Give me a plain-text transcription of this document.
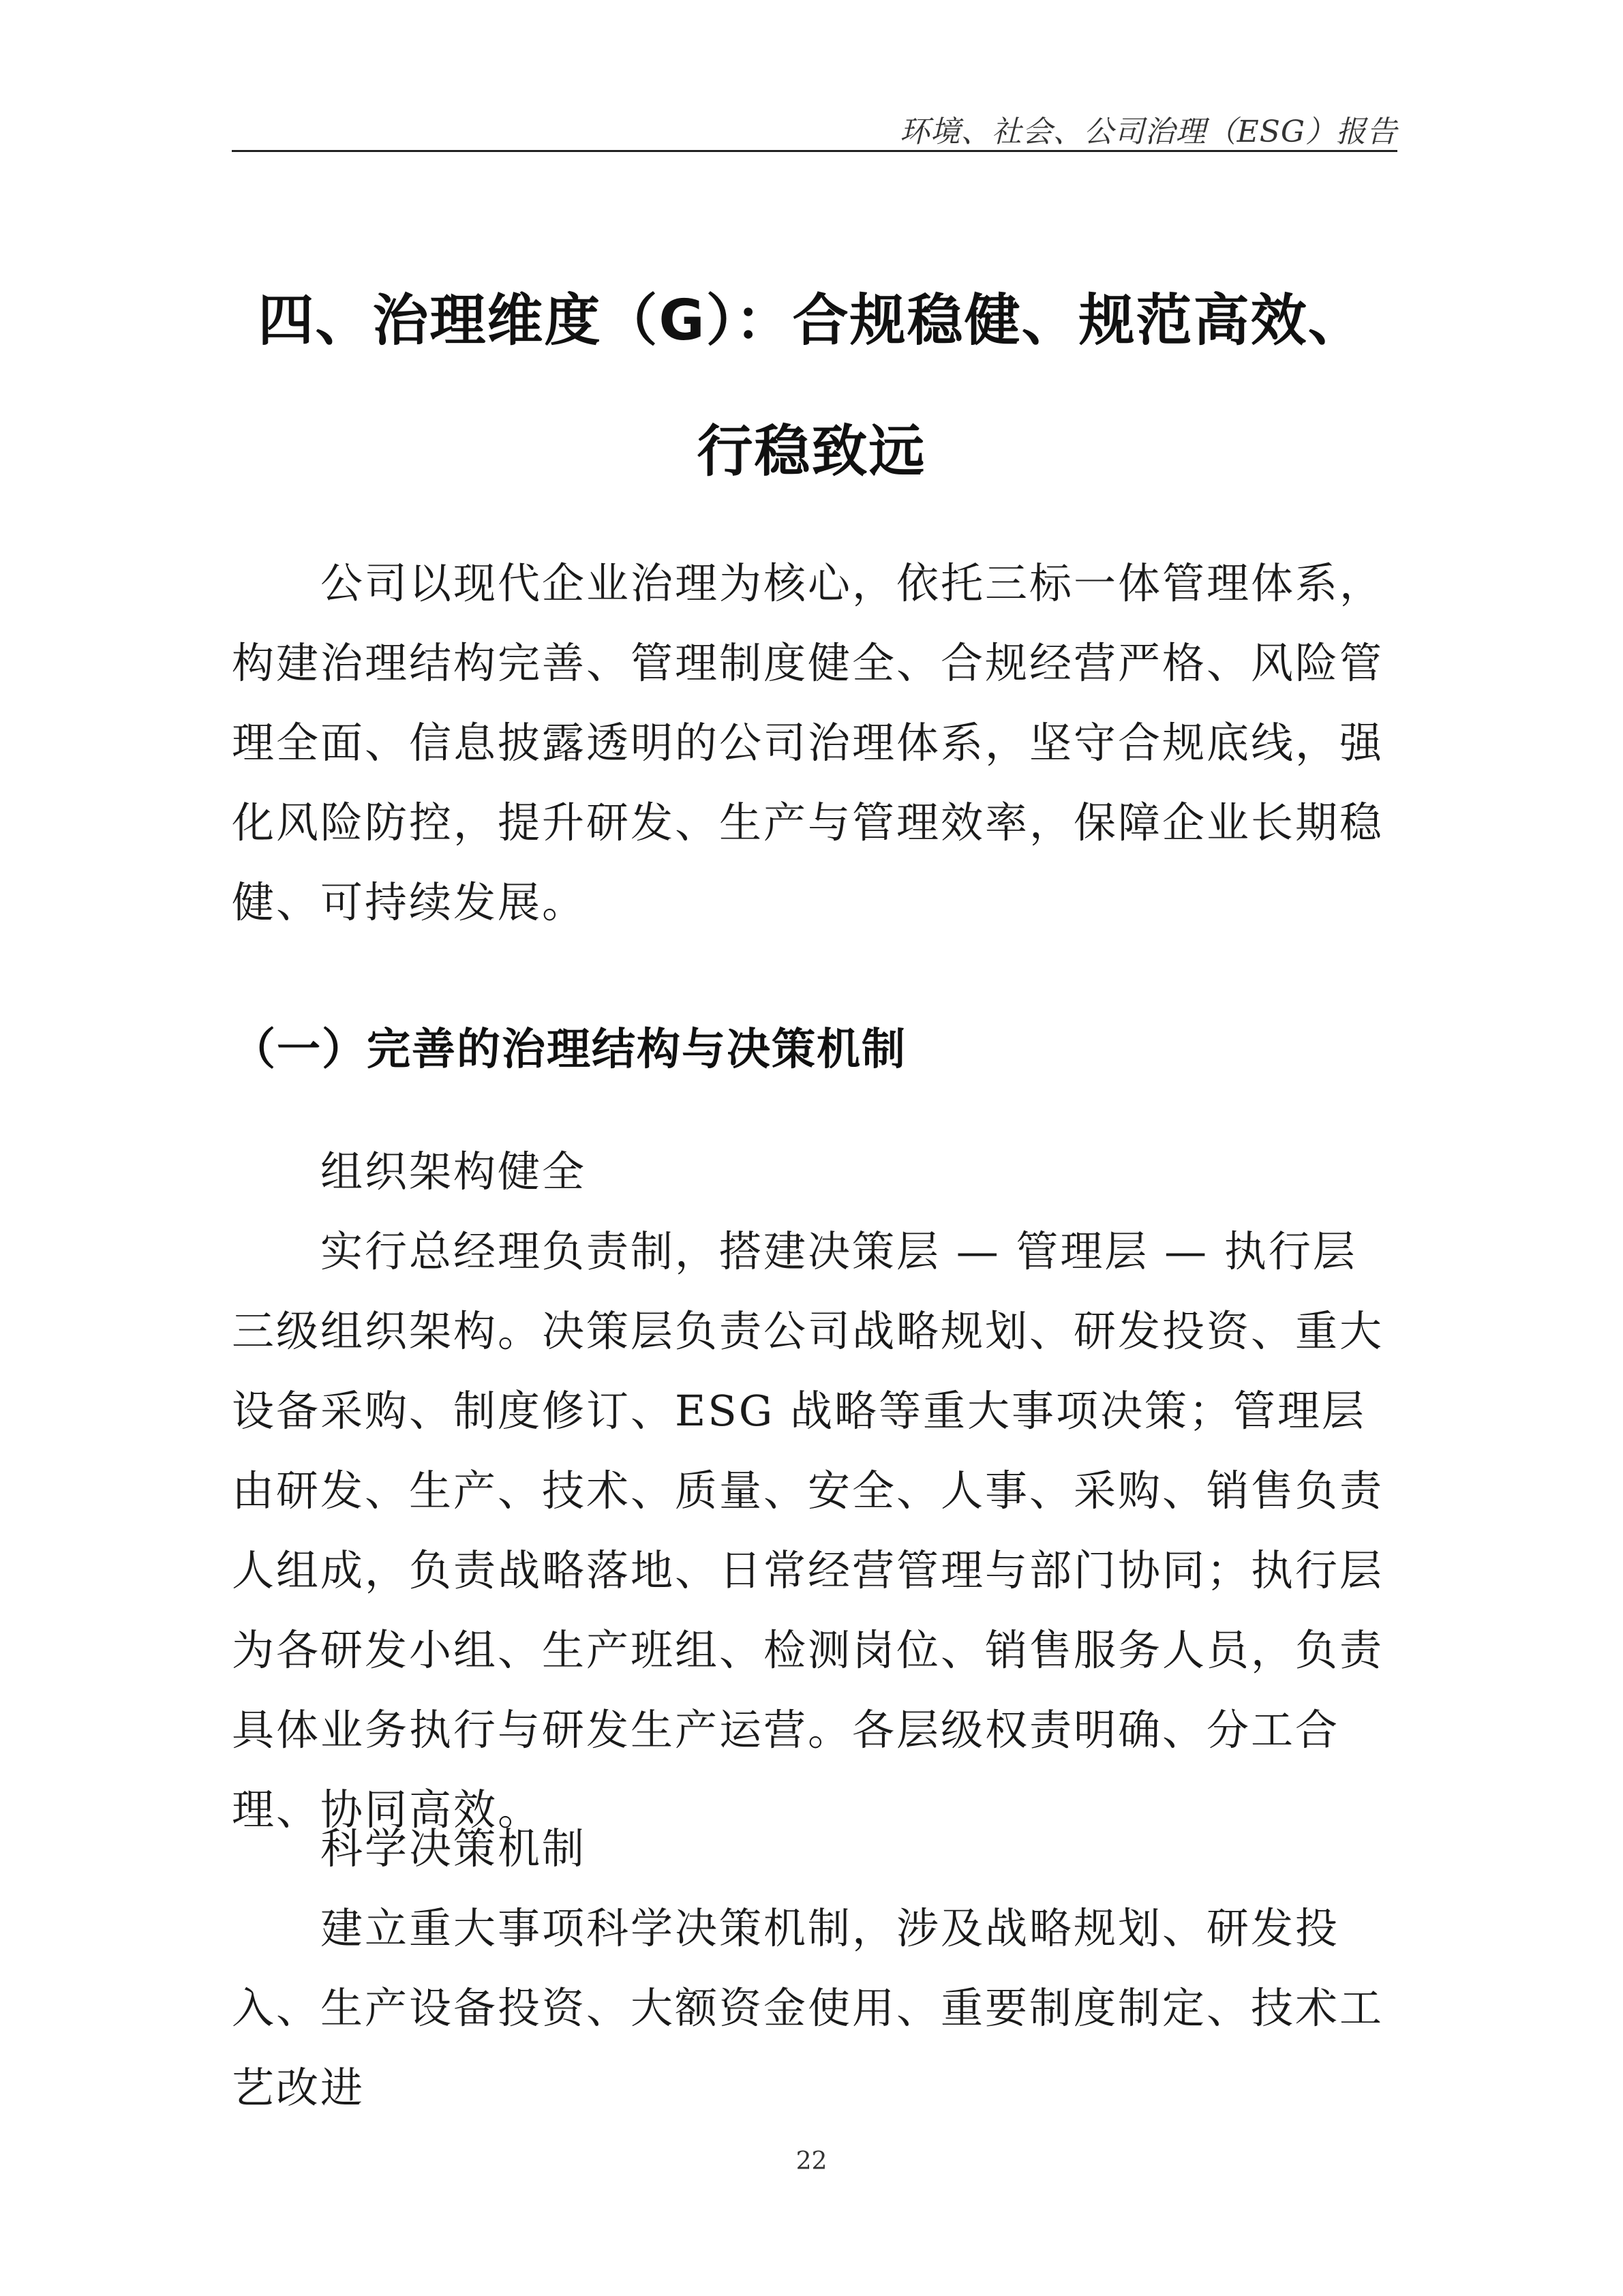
环境、社会、公司治理（ESG）报告
四、治理维度（G）：合规稳健、规范高效、
行稳致远

公司以现代企业治理为核心，依托三标一体管理体系，构建治理结构完善、管理制度健全、合规经营严格、风险管理全面、信息披露透明的公司治理体系，坚守合规底线，强化风险防控，提升研发、生产与管理效率，保障企业长期稳健、可持续发展。

（一）完善的治理结构与决策机制
组织架构健全

实行总经理负责制，搭建决策层 — 管理层 — 执行层三级组织架构。决策层负责公司战略规划、研发投资、重大设备采购、制度修订、ESG 战略等重大事项决策；管理层由研发、生产、技术、质量、安全、人事、采购、销售负责人组成，负责战略落地、日常经营管理与部门协同；执行层为各研发小组、生产班组、检测岗位、销售服务人员，负责具体业务执行与研发生产运营。各层级权责明确、分工合理、协同高效。

科学决策机制

建立重大事项科学决策机制，涉及战略规划、研发投入、生产设备投资、大额资金使用、重要制度制定、技术工艺改进

22
